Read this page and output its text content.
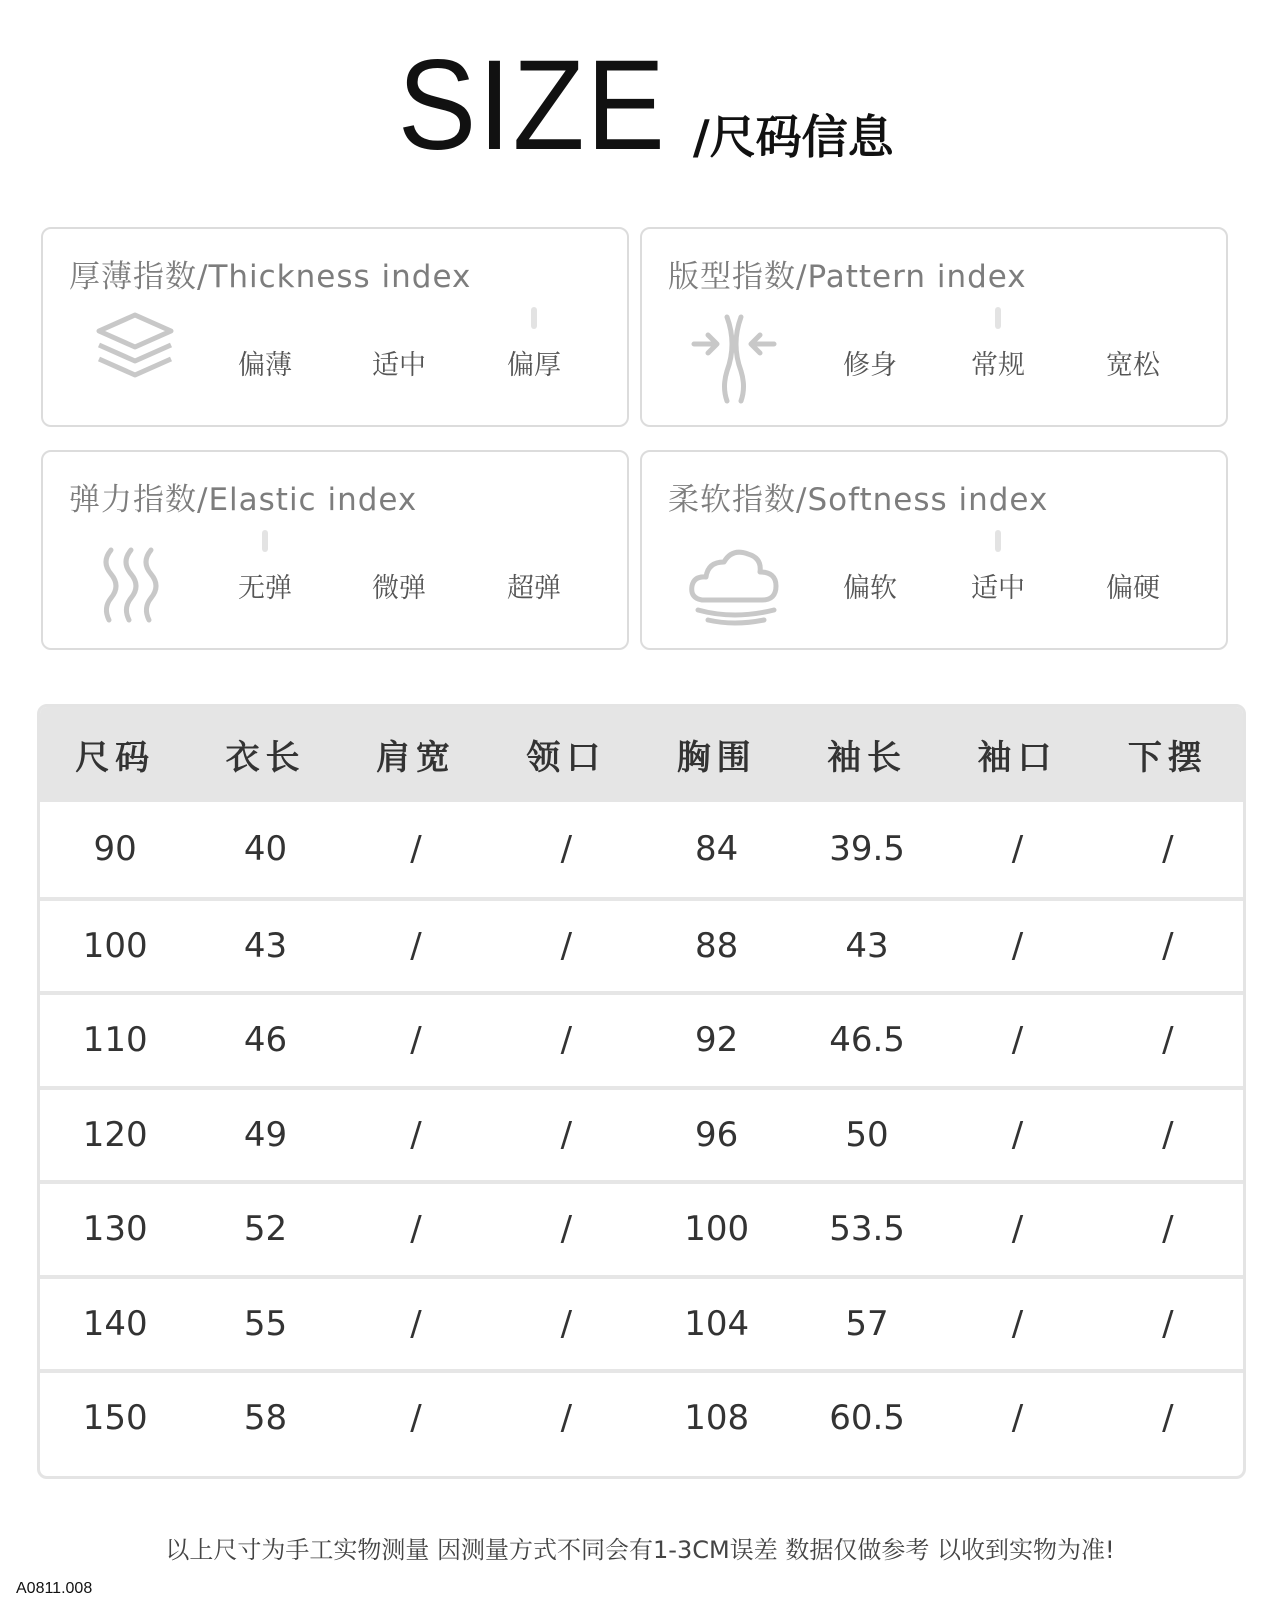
SIZE /尺码信息
厚薄指数/Thickness index
偏薄	适中	偏厚
版型指数/Pattern index
修身	常规	宽松
弹力指数/Elastic index
无弹	微弹	超弹
柔软指数/Softness index
偏软	适中	偏硬
尺码	衣长	肩宽	领口	胸围	袖长	袖口	下摆
90	40	/	/	84	39.5	/	/
100	43	/	/	88	43	/	/
110	46	/	/	92	46.5	/	/
120	49	/	/	96	50	/	/
130	52	/	/	100	53.5	/	/
140	55	/	/	104	57	/	/
150	58	/	/	108	60.5	/	/
以上尺寸为手工实物测量 因测量方式不同会有1-3CM误差 数据仅做参考 以收到实物为准!
A0811.008
